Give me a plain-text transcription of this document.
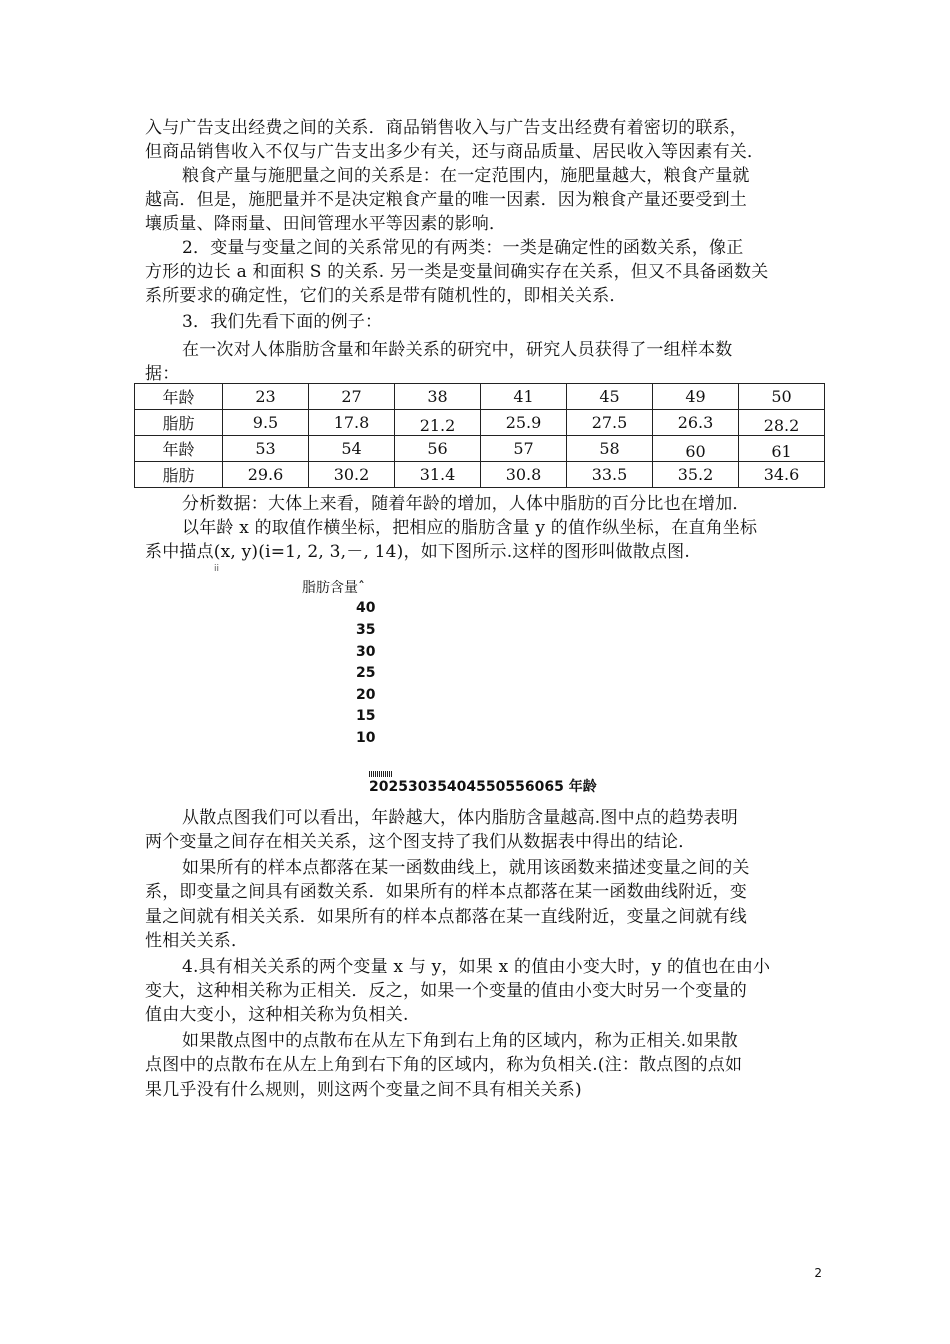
入与广告支出经费之间的关系．商品销售收入与广告支出经费有着密切的联系，
但商品销售收入不仅与广告支出多少有关，还与商品质量、居民收入等因素有关．
粮食产量与施肥量之间的关系是：在一定范围内，施肥量越大，粮食产量就
越高．但是，施肥量并不是决定粮食产量的唯一因素．因为粮食产量还要受到土
壤质量、降雨量、田间管理水平等因素的影响．
2．变量与变量之间的关系常见的有两类：一类是确定性的函数关系，像正
方形的边长 a 和面积 S 的关系. 另一类是变量间确实存在关系，但又不具备函数关
系所要求的确定性，它们的关系是带有随机性的，即相关关系．
3．我们先看下面的例子：
在一次对人体脂肪含量和年龄关系的研究中，研究人员获得了一组样本数
据：
年龄	23	27	38	41	45	49	50
脂肪	9.5	17.8	21.2	25.9	27.5	26.3	28.2
年龄	53	54	56	57	58	60	61
脂肪	29.6	30.2	31.4	30.8	33.5	35.2	34.6
分析数据：大体上来看，随着年龄的增加，人体中脂肪的百分比也在增加．
以年龄 x 的取值作横坐标，把相应的脂肪含量 y 的值作纵坐标，在直角坐标
系中描点(x, y)(i=1, 2, 3,－, 14)，如下图所示.这样的图形叫做散点图.
ii
脂肪含量ˆ
40
35
30
25
20
15
10
20253035404550556065 年龄
从散点图我们可以看出，年龄越大，体内脂肪含量越高.图中点的趋势表明
两个变量之间存在相关关系，这个图支持了我们从数据表中得出的结论．
如果所有的样本点都落在某一函数曲线上，就用该函数来描述变量之间的关
系，即变量之间具有函数关系．如果所有的样本点都落在某一函数曲线附近，变
量之间就有相关关系．如果所有的样本点都落在某一直线附近，变量之间就有线
性相关关系．
4.具有相关关系的两个变量 x 与 y，如果 x 的值由小变大时，y 的值也在由小
变大，这种相关称为正相关．反之，如果一个变量的值由小变大时另一个变量的
值由大变小，这种相关称为负相关.
如果散点图中的点散布在从左下角到右上角的区域内，称为正相关.如果散
点图中的点散布在从左上角到右下角的区域内，称为负相关.(注：散点图的点如
果几乎没有什么规则，则这两个变量之间不具有相关关系)
2
